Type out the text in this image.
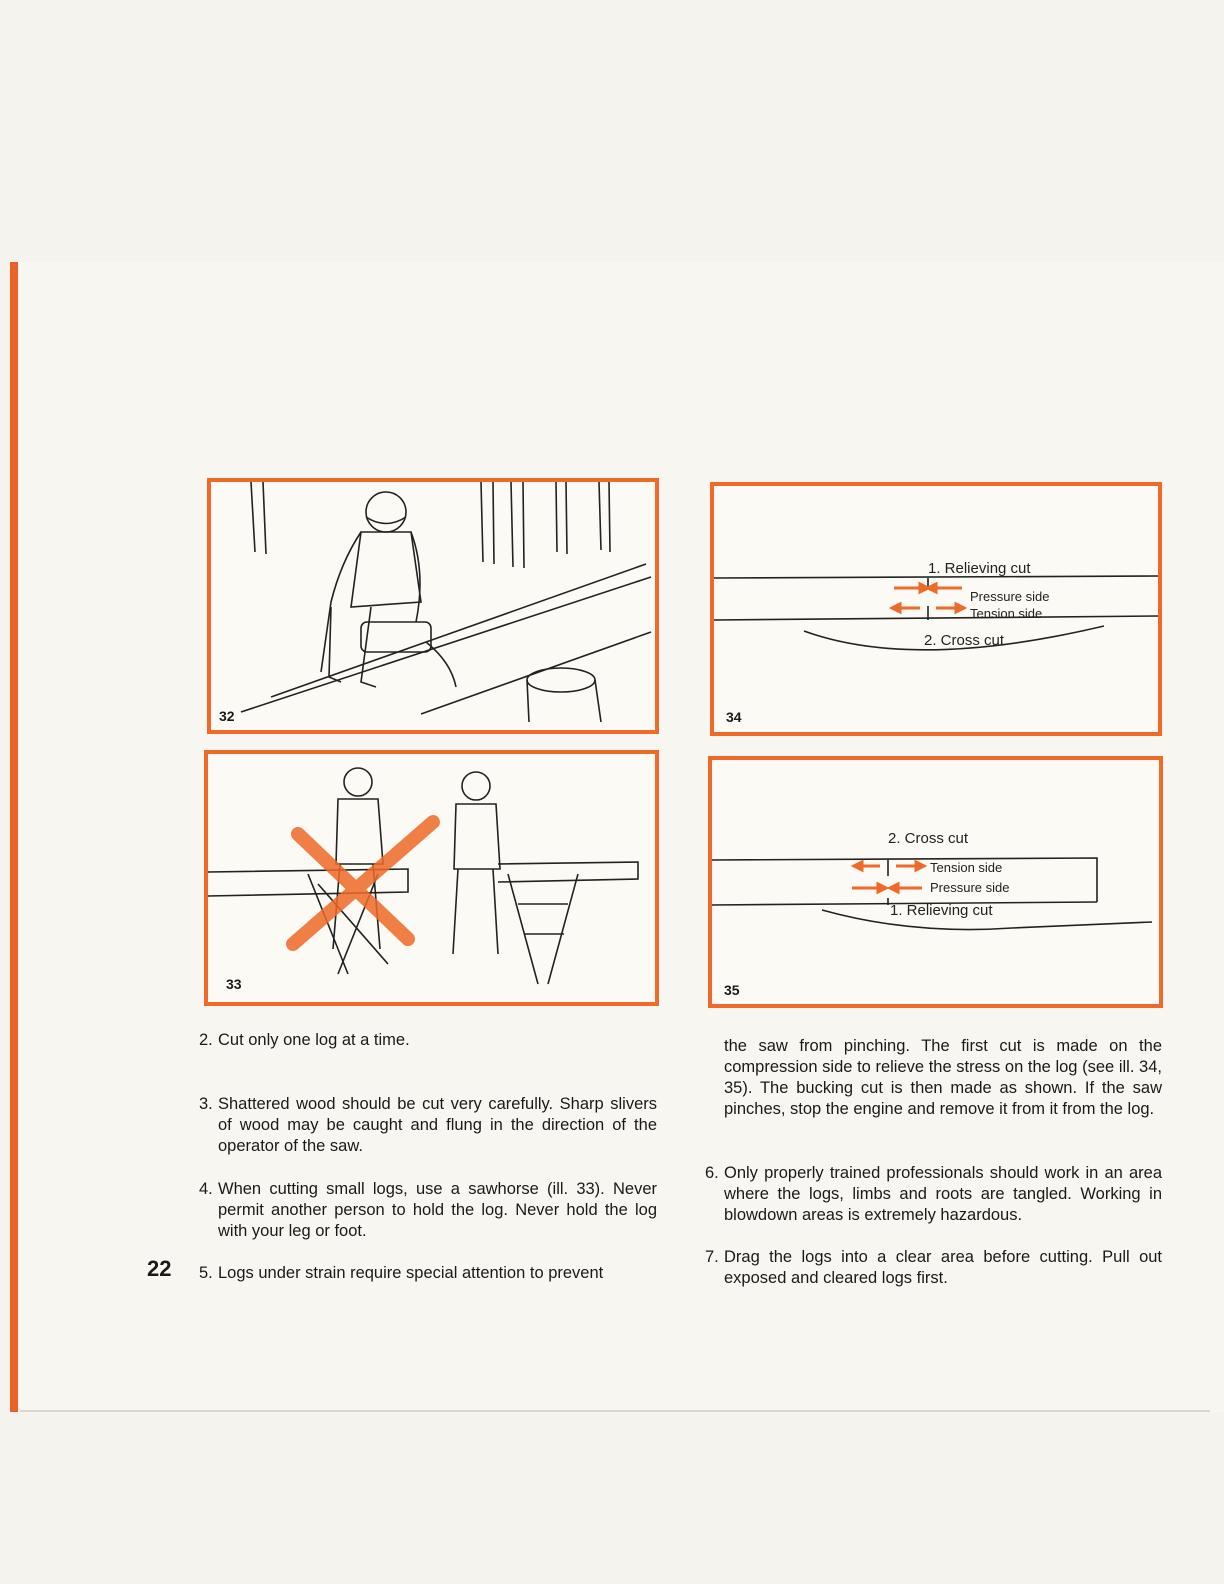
32
33
1. Relieving cut
Pressure side
Tension side
2. Cross cut
34
2. Cross cut
Tension side
Pressure side
1. Relieving cut
35
2. Cut only one log at a time.
3. Shattered wood should be cut very carefully. Sharp slivers of wood may be caught and flung in the direction of the operator of the saw.
4. When cutting small logs, use a sawhorse (ill. 33). Never permit another person to hold the log. Never hold the log with your leg or foot.
5. Logs under strain require special attention to prevent
22
the saw from pinching. The first cut is made on the compression side to relieve the stress on the log (see ill. 34, 35). The bucking cut is then made as shown. If the saw pinches, stop the engine and remove it from it from the log.
6. Only properly trained professionals should work in an area where the logs, limbs and roots are tangled. Working in blowdown areas is extremely hazardous.
7. Drag the logs into a clear area before cutting. Pull out exposed and cleared logs first.
